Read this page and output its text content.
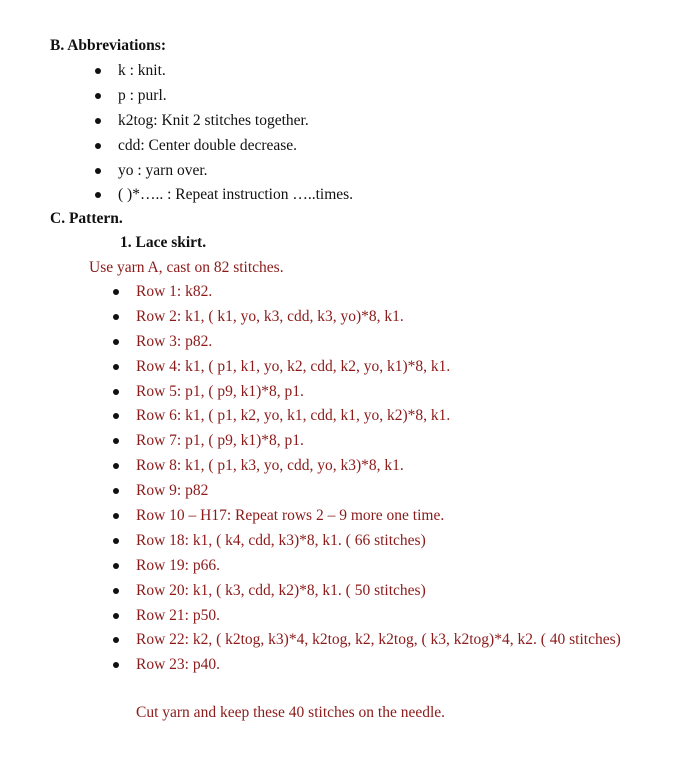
B. Abbreviations:
k : knit.
p : purl.
k2tog: Knit 2 stitches together.
cdd: Center double decrease.
yo : yarn over.
( )*….. : Repeat instruction …..times.
C. Pattern.
1. Lace skirt.
Use yarn A, cast on 82 stitches.
Row 1: k82.
Row 2: k1, ( k1, yo, k3, cdd, k3, yo)*8, k1.
Row 3: p82.
Row 4: k1, ( p1, k1, yo, k2, cdd, k2, yo, k1)*8, k1.
Row 5: p1, ( p9, k1)*8, p1.
Row 6: k1, ( p1, k2, yo, k1, cdd, k1, yo, k2)*8, k1.
Row 7: p1, ( p9, k1)*8, p1.
Row 8: k1, ( p1, k3, yo, cdd, yo, k3)*8, k1.
Row 9: p82
Row 10 – H17: Repeat rows 2 – 9 more one time.
Row 18: k1, ( k4, cdd, k3)*8, k1. ( 66 stitches)
Row 19: p66.
Row 20: k1, ( k3, cdd, k2)*8, k1. ( 50 stitches)
Row 21: p50.
Row 22: k2, ( k2tog, k3)*4, k2tog, k2, k2tog, ( k3, k2tog)*4, k2. ( 40 stitches)
Row 23: p40.
Cut yarn and keep these 40 stitches on the needle.
